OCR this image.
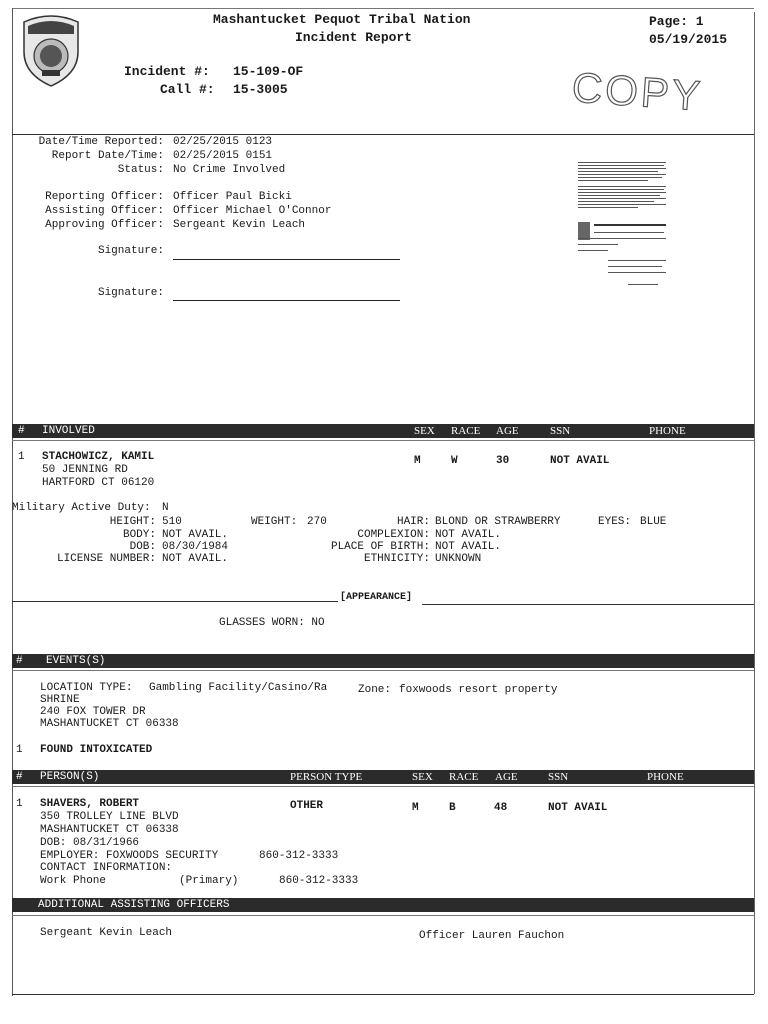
Mashantucket Pequot Tribal Nation
Incident Report
Page: 1
05/19/2015
Incident #: 15-109-OF
Call #: 15-3005	COPY
Date/Time Reported: 02/25/2015 0123
Report Date/Time: 02/25/2015 0151
Status: No Crime Involved
Reporting Officer: Officer Paul Bicki
Assisting Officer: Officer Michael O'Connor
Approving Officer: Sergeant Kevin Leach
Signature:
Signature:
# INVOLVED	SEX RACE AGE	SSN	PHONE
1 STACHOWICZ, KAMIL
50 JENNING RD
HARTFORD CT 06120
M	W	30	NOT AVAIL
Military Active Duty: N
HEIGHT: 510	WEIGHT: 270	HAIR: BLOND OR STRAWBERRY	EYES: BLUE
BODY: NOT AVAIL.	COMPLEXION: NOT AVAIL.
DOB: 08/30/1984	PLACE OF BIRTH: NOT AVAIL.
LICENSE NUMBER: NOT AVAIL.	ETHNICITY: UNKNOWN
[APPEARANCE]
GLASSES WORN: NO
# EVENTS(S)
LOCATION TYPE: Gambling Facility/Casino/Ra	Zone: foxwoods resort property
SHRINE
240 FOX TOWER DR
MASHANTUCKET CT 06338
1 FOUND INTOXICATED
# PERSON(S)	PERSON TYPE	SEX RACE AGE	SSN	PHONE
1 SHAVERS, ROBERT
350 TROLLEY LINE BLVD
MASHANTUCKET CT 06338
DOB: 08/31/1966
EMPLOYER: FOXWOODS SECURITY	860-312-3333
CONTACT INFORMATION:
Work Phone	(Primary)	860-312-3333
OTHER	M	B	48	NOT AVAIL
ADDITIONAL ASSISTING OFFICERS
Sergeant Kevin Leach	Officer Lauren Fauchon
